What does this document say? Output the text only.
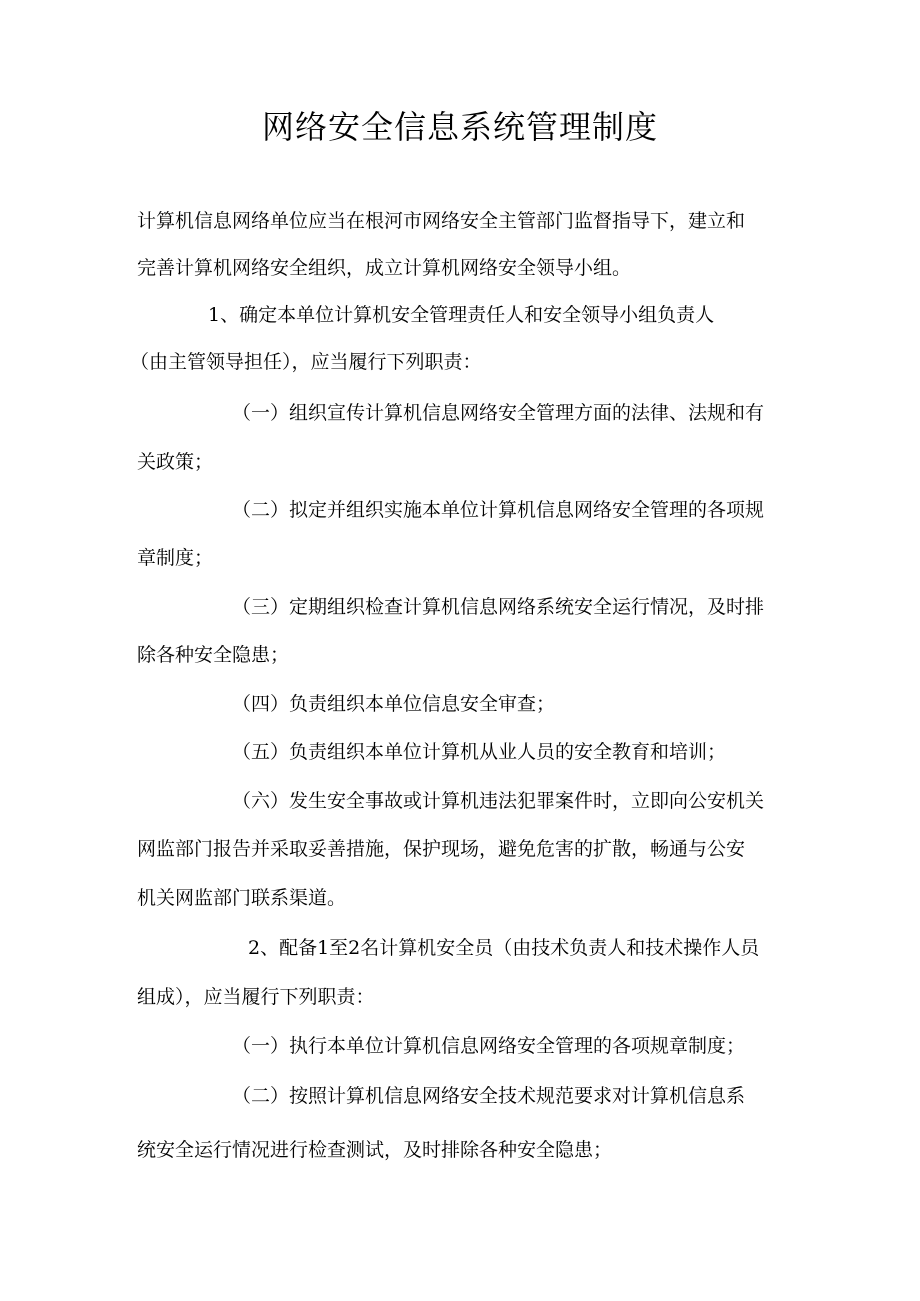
网络安全信息系统管理制度

计算机信息网络单位应当在根河市网络安全主管部门监督指导下，建立和

完善计算机网络安全组织，成立计算机网络安全领导小组。

1、确定本单位计算机安全管理责任人和安全领导小组负责人

（由主管领导担任），应当履行下列职责：

（一）组织宣传计算机信息网络安全管理方面的法律、法规和有

关政策；

（二）拟定并组织实施本单位计算机信息网络安全管理的各项规

章制度；

（三）定期组织检查计算机信息网络系统安全运行情况，及时排

除各种安全隐患；

（四）负责组织本单位信息安全审查；

（五）负责组织本单位计算机从业人员的安全教育和培训；

（六）发生安全事故或计算机违法犯罪案件时，立即向公安机关

网监部门报告并采取妥善措施，保护现场，避免危害的扩散，畅通与公安

机关网监部门联系渠道。

2、配备1至2名计算机安全员（由技术负责人和技术操作人员

组成），应当履行下列职责：

（一）执行本单位计算机信息网络安全管理的各项规章制度；

（二）按照计算机信息网络安全技术规范要求对计算机信息系

统安全运行情况进行检查测试，及时排除各种安全隐患；
